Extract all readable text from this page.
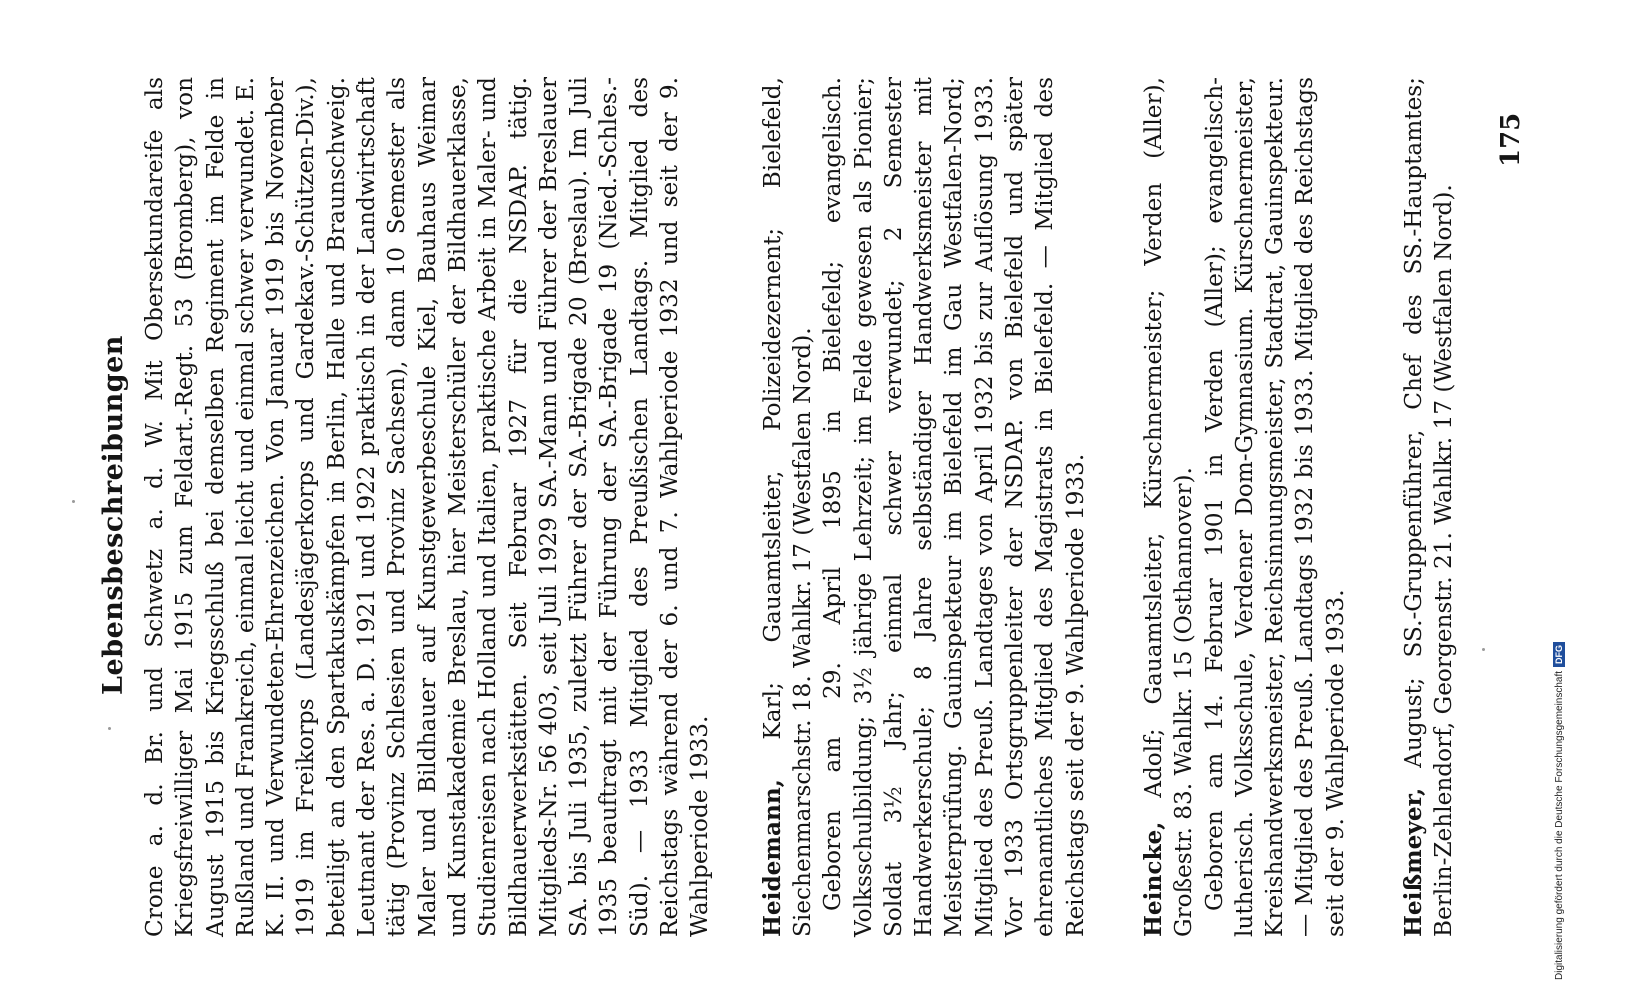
Lebensbeschreibungen Crone a. d. Br. und Schwetz a. d. W. Mit Obersekundareife als Kriegsfreiwilliger Mai 1915 zum Feldart.-Regt. 53 (Bromberg), von August 1915 bis Kriegsschluß bei demselben Regiment im Felde in Rußland und Frankreich, einmal leicht und einmal schwer verwundet. E. K. II. und Verwundeten-Ehrenzeichen. Von Januar 1919 bis November 1919 im Freikorps (Landesjägerkorps und Gardekav.-Schützen-Div.), beteiligt an den Spartakuskämpfen in Berlin, Halle und Braunschweig. Leutnant der Res. a. D. 1921 und 1922 praktisch in der Landwirtschaft tätig (Provinz Schlesien und Provinz Sachsen), dann 10 Semester als Maler und Bildhauer auf Kunstgewerbeschule Kiel, Bauhaus Weimar und Kunstakademie Breslau, hier Meisterschüler der Bildhauerklasse, Studienreisen nach Holland und Italien, praktische Arbeit in Maler- und Bildhauerwerkstätten. Seit Februar 1927 für die NSDAP. tätig. Mitglieds-Nr. 56 403, seit Juli 1929 SA.-Mann und Führer der Breslauer SA. bis Juli 1935, zuletzt Führer der SA.-Brigade 20 (Breslau). Im Juli 1935 beauftragt mit der Führung der SA.-Brigade 19 (Nied.-Schles.-Süd). — 1933 Mitglied des Preußischen Landtags. Mitglied des Reichstags während der 6. und 7. Wahlperiode 1932 und seit der 9. Wahlperiode 1933. Heidemann, Karl; Gauamtsleiter, Polizeidezernent; Bielefeld, Siechenmarschstr. 18. Wahlkr. 17 (Westfalen Nord). Geboren am 29. April 1895 in Bielefeld; evangelisch. Volksschulbildung; 3½ jährige Lehrzeit; im Felde gewesen als Pionier; Soldat 3½ Jahr; einmal schwer verwundet; 2 Semester Handwerkerschule; 8 Jahre selbständiger Handwerksmeister mit Meisterprüfung. Gauinspekteur im Bielefeld im Gau Westfalen-Nord; Mitglied des Preuß. Landtages von April 1932 bis zur Auflösung 1933. Vor 1933 Ortsgruppenleiter der NSDAP. von Bielefeld und später ehrenamtliches Mitglied des Magistrats in Bielefeld. — Mitglied des Reichstags seit der 9. Wahlperiode 1933. Heincke, Adolf; Gauamtsleiter, Kürschnermeister; Verden (Aller), Großestr. 83. Wahlkr. 15 (Osthannover). Geboren am 14. Februar 1901 in Verden (Aller); evangelisch-lutherisch. Volksschule, Verdener Dom-Gymnasium. Kürschnermeister, Kreishandwerksmeister, Reichsinnungsmeister, Stadtrat, Gauinspekteur. — Mitglied des Preuß. Landtags 1932 bis 1933. Mitglied des Reichstags seit der 9. Wahlperiode 1933. Heißmeyer, August; SS.-Gruppenführer, Chef des SS.-Hauptamtes; Berlin-Zehlendorf, Georgenstr. 21. Wahlkr. 17 (Westfalen Nord).

175
Digitalisierung gefördert durch die Deutsche ForschungsgemeinschaftDFG
